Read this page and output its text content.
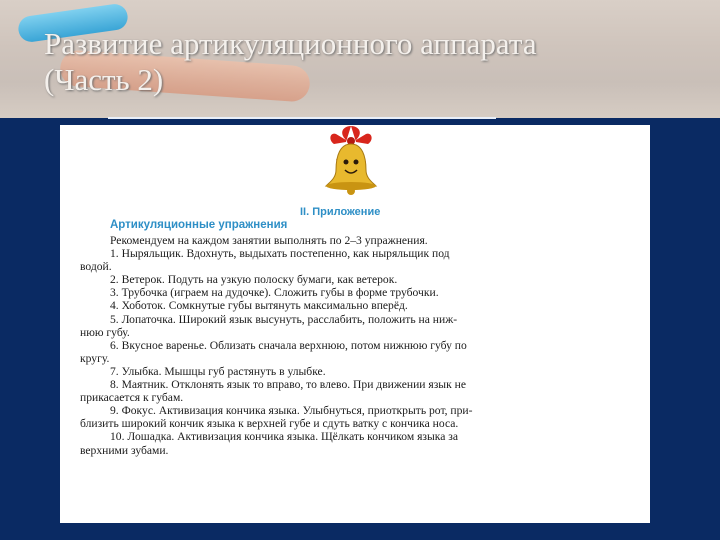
Развитие артикуляционного аппарата
(Часть 2)
II. Приложение
Артикуляционные упражнения
Рекомендуем на каждом занятии выполнять по 2–3 упражнения.
1. Ныряльщик. Вдохнуть, выдыхать постепенно, как ныряльщик под
водой.
2. Ветерок. Подуть на узкую полоску бумаги, как ветерок.
3. Трубочка (играем на дудочке). Сложить губы в форме трубочки.
4. Хоботок. Сомкнутые губы вытянуть максимально вперёд.
5. Лопаточка. Широкий язык высунуть, расслабить, положить на ниж-
нюю губу.
6. Вкусное варенье. Облизать сначала верхнюю, потом нижнюю губу по
кругу.
7. Улыбка. Мышцы губ растянуть в улыбке.
8. Маятник. Отклонять язык то вправо, то влево. При движении язык не
прикасается к губам.
9. Фокус. Активизация кончика языка. Улыбнуться, приоткрыть рот, при-
близить широкий кончик языка к верхней губе и сдуть ватку с кончика носа.
10. Лошадка. Активизация кончика языка. Щёлкать кончиком языка за
верхними зубами.
